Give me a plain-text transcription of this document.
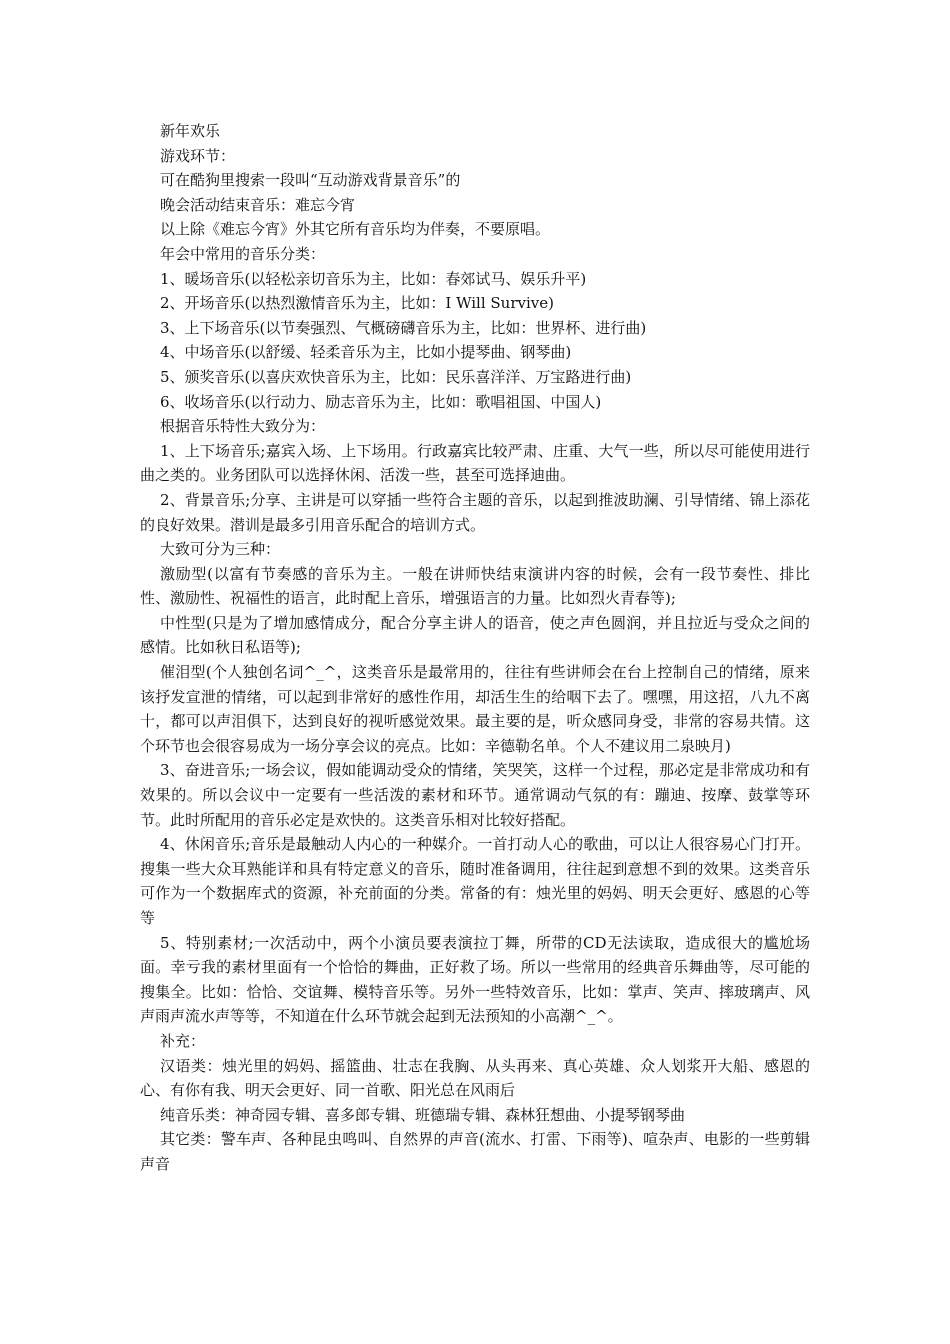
新年欢乐

游戏环节：

可在酷狗里搜索一段叫“互动游戏背景音乐”的

晚会活动结束音乐：难忘今宵

以上除《难忘今宵》外其它所有音乐均为伴奏，不要原唱。

年会中常用的音乐分类：

1、暖场音乐(以轻松亲切音乐为主，比如：春郊试马、娱乐升平)

2、开场音乐(以热烈激情音乐为主，比如：I Will Survive)

3、上下场音乐(以节奏强烈、气概磅礴音乐为主，比如：世界杯、进行曲)

4、中场音乐(以舒缓、轻柔音乐为主，比如小提琴曲、钢琴曲)

5、颁奖音乐(以喜庆欢快音乐为主，比如：民乐喜洋洋、万宝路进行曲)

6、收场音乐(以行动力、励志音乐为主，比如：歌唱祖国、中国人)

根据音乐特性大致分为：

1、上下场音乐;嘉宾入场、上下场用。行政嘉宾比较严肃、庄重、大气一些，所以尽可能使用进行曲之类的。业务团队可以选择休闲、活泼一些，甚至可选择迪曲。

2、背景音乐;分享、主讲是可以穿插一些符合主题的音乐，以起到推波助澜、引导情绪、锦上添花的良好效果。潜训是最多引用音乐配合的培训方式。

大致可分为三种：

激励型(以富有节奏感的音乐为主。一般在讲师快结束演讲内容的时候，会有一段节奏性、排比性、激励性、祝福性的语言，此时配上音乐，增强语言的力量。比如烈火青春等);

中性型(只是为了增加感情成分，配合分享主讲人的语音，使之声色圆润，并且拉近与受众之间的感情。比如秋日私语等);

催泪型(个人独创名词^_^，这类音乐是最常用的，往往有些讲师会在台上控制自己的情绪，原来该抒发宣泄的情绪，可以起到非常好的感性作用，却活生生的给咽下去了。嘿嘿，用这招，八九不离十，都可以声泪俱下，达到良好的视听感觉效果。最主要的是，听众感同身受，非常的容易共情。这个环节也会很容易成为一场分享会议的亮点。比如：辛德勒名单。个人不建议用二泉映月)

3、奋进音乐;一场会议，假如能调动受众的情绪，笑哭笑，这样一个过程，那必定是非常成功和有效果的。所以会议中一定要有一些活泼的素材和环节。通常调动气氛的有：蹦迪、按摩、鼓掌等环节。此时所配用的音乐必定是欢快的。这类音乐相对比较好搭配。

4、休闲音乐;音乐是最触动人内心的一种媒介。一首打动人心的歌曲，可以让人很容易心门打开。搜集一些大众耳熟能详和具有特定意义的音乐，随时准备调用，往往起到意想不到的效果。这类音乐可作为一个数据库式的资源，补充前面的分类。常备的有：烛光里的妈妈、明天会更好、感恩的心等等

5、特别素材;一次活动中，两个小演员要表演拉丁舞，所带的CD无法读取，造成很大的尴尬场面。幸亏我的素材里面有一个恰恰的舞曲，正好救了场。所以一些常用的经典音乐舞曲等，尽可能的搜集全。比如：恰恰、交谊舞、模特音乐等。另外一些特效音乐，比如：掌声、笑声、摔玻璃声、风声雨声流水声等等，不知道在什么环节就会起到无法预知的小高潮^_^。

补充：

汉语类：烛光里的妈妈、摇篮曲、壮志在我胸、从头再来、真心英雄、众人划浆开大船、感恩的心、有你有我、明天会更好、同一首歌、阳光总在风雨后

纯音乐类：神奇园专辑、喜多郎专辑、班德瑞专辑、森林狂想曲、小提琴钢琴曲

其它类：警车声、各种昆虫鸣叫、自然界的声音(流水、打雷、下雨等)、喧杂声、电影的一些剪辑声音
